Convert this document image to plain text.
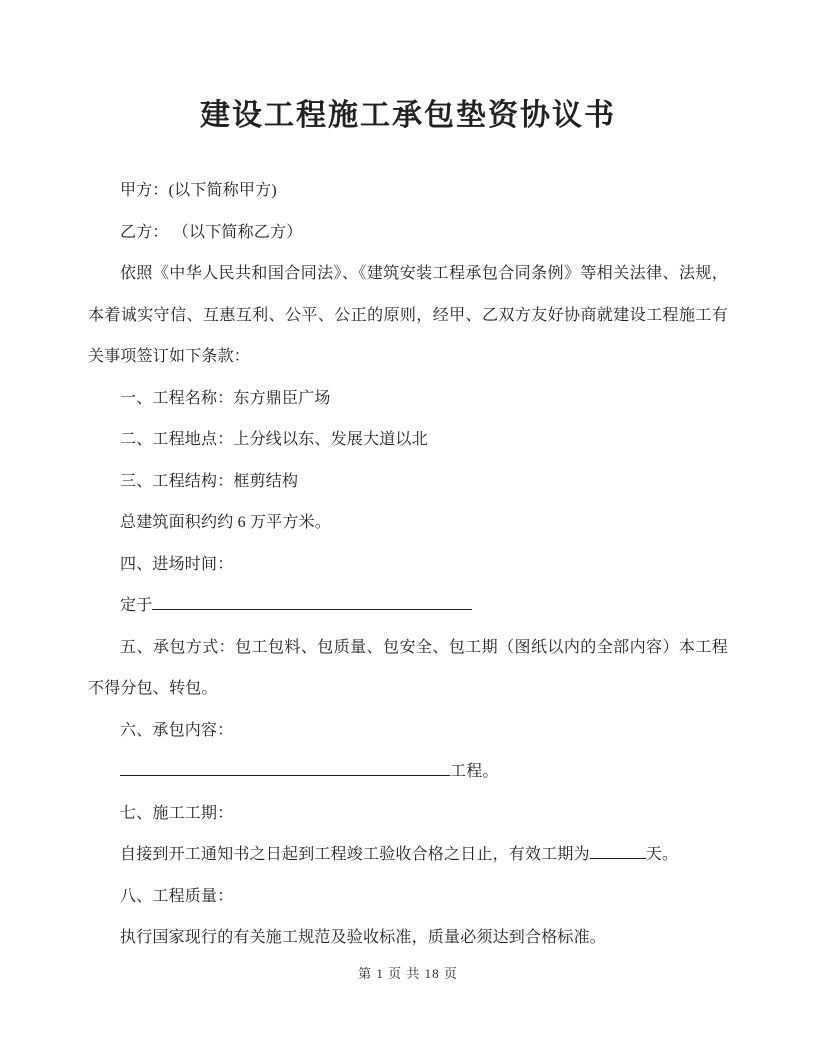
建设工程施工承包垫资协议书

甲方：(以下简称甲方)

乙方： （以下简称乙方）

依照《中华人民共和国合同法》、《建筑安装工程承包合同条例》等相关法律、法规，本着诚实守信、互惠互利、公平、公正的原则，经甲、乙双方友好协商就建设工程施工有关事项签订如下条款：

一、工程名称：东方鼎臣广场

二、工程地点：上分线以东、发展大道以北

三、工程结构：框剪结构

总建筑面积约约 6 万平方米。

四、进场时间：

定于

五、承包方式：包工包料、包质量、包安全、包工期（图纸以内的全部内容）本工程不得分包、转包。

六、承包内容：

工程。

七、施工工期：

自接到开工通知书之日起到工程竣工验收合格之日止，有效工期为	天。

八、工程质量：

执行国家现行的有关施工规范及验收标准，质量必须达到合格标准。

第 1 页 共 18 页
